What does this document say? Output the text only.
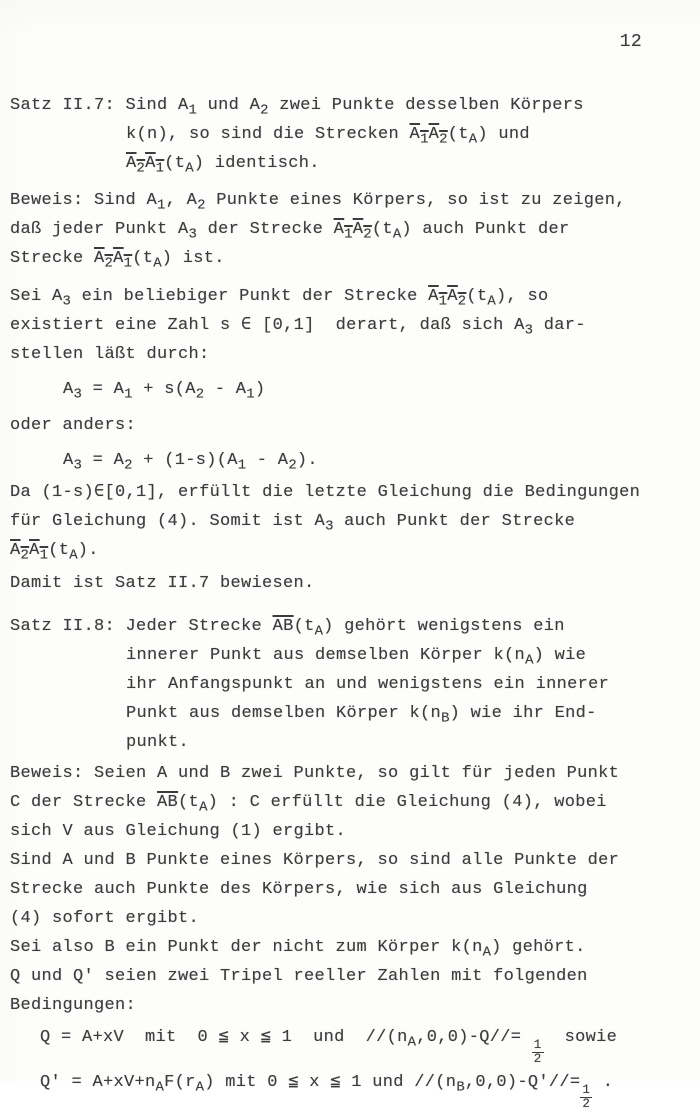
12
Satz II.7: Sind $A_1$ und $A_2$ zwei Punkte desselben Körpers
k(n), so sind die Strecken $A_1A_2(t_A)$ und
$A_2A_1(t_A)$ identisch.
Beweis: Sind $A_1$, $A_2$ Punkte eines Körpers, so ist zu zeigen,
daß jeder Punkt $A_3$ der Strecke $A_1A_2(t_A)$ auch Punkt der
Strecke $A_2A_1(t_A)$ ist.
Sei $A_3$ ein beliebiger Punkt der Strecke $A_1A_2(t_A)$, so
existiert eine Zahl s ∈ [0,1]  derart, daß sich $A_3$ dar-
stellen läßt durch:
$A_3 = A_1 + s(A_2 - A_1)$
oder anders:
$A_3 = A_2 + (1-s)(A_1 - A_2)$.
Da (1-s)∈[0,1], erfüllt die letzte Gleichung die Bedingungen
für Gleichung (4). Somit ist $A_3$ auch Punkt der Strecke
$A_2A_1(t_A)$.
Damit ist Satz II.7 bewiesen.
Satz II.8: Jeder Strecke $\overline{AB}(t_A)$ gehört wenigstens ein
innerer Punkt aus demselben Körper $k(n_A)$ wie
ihr Anfangspunkt an und wenigstens ein innerer
Punkt aus demselben Körper $k(n_B)$ wie ihr End-
punkt.
Beweis: Seien A und B zwei Punkte, so gilt für jeden Punkt
C der Strecke $\overline{AB}(t_A)$ : C erfüllt die Gleichung (4), wobei
sich V aus Gleichung (1) ergibt.
Sind A und B Punkte eines Körpers, so sind alle Punkte der
Strecke auch Punkte des Körpers, wie sich aus Gleichung
(4) sofort ergibt.
Sei also B ein Punkt der nicht zum Körper $k(n_A)$ gehört.
Q und Q' seien zwei Tripel reeller Zahlen mit folgenden
Bedingungen:
Q = A+xV  mit  0 ≦ x ≦ 1  und  $//(n_A,0,0)-Q//=$
$\frac{1}{2}$
sowie
$Q' = A+xV+n_AF(r_A)$ mit 0 ≦ x ≦ 1 und $//(n_B,0,0)-Q'//=$
$\frac{1}{2}$
.
